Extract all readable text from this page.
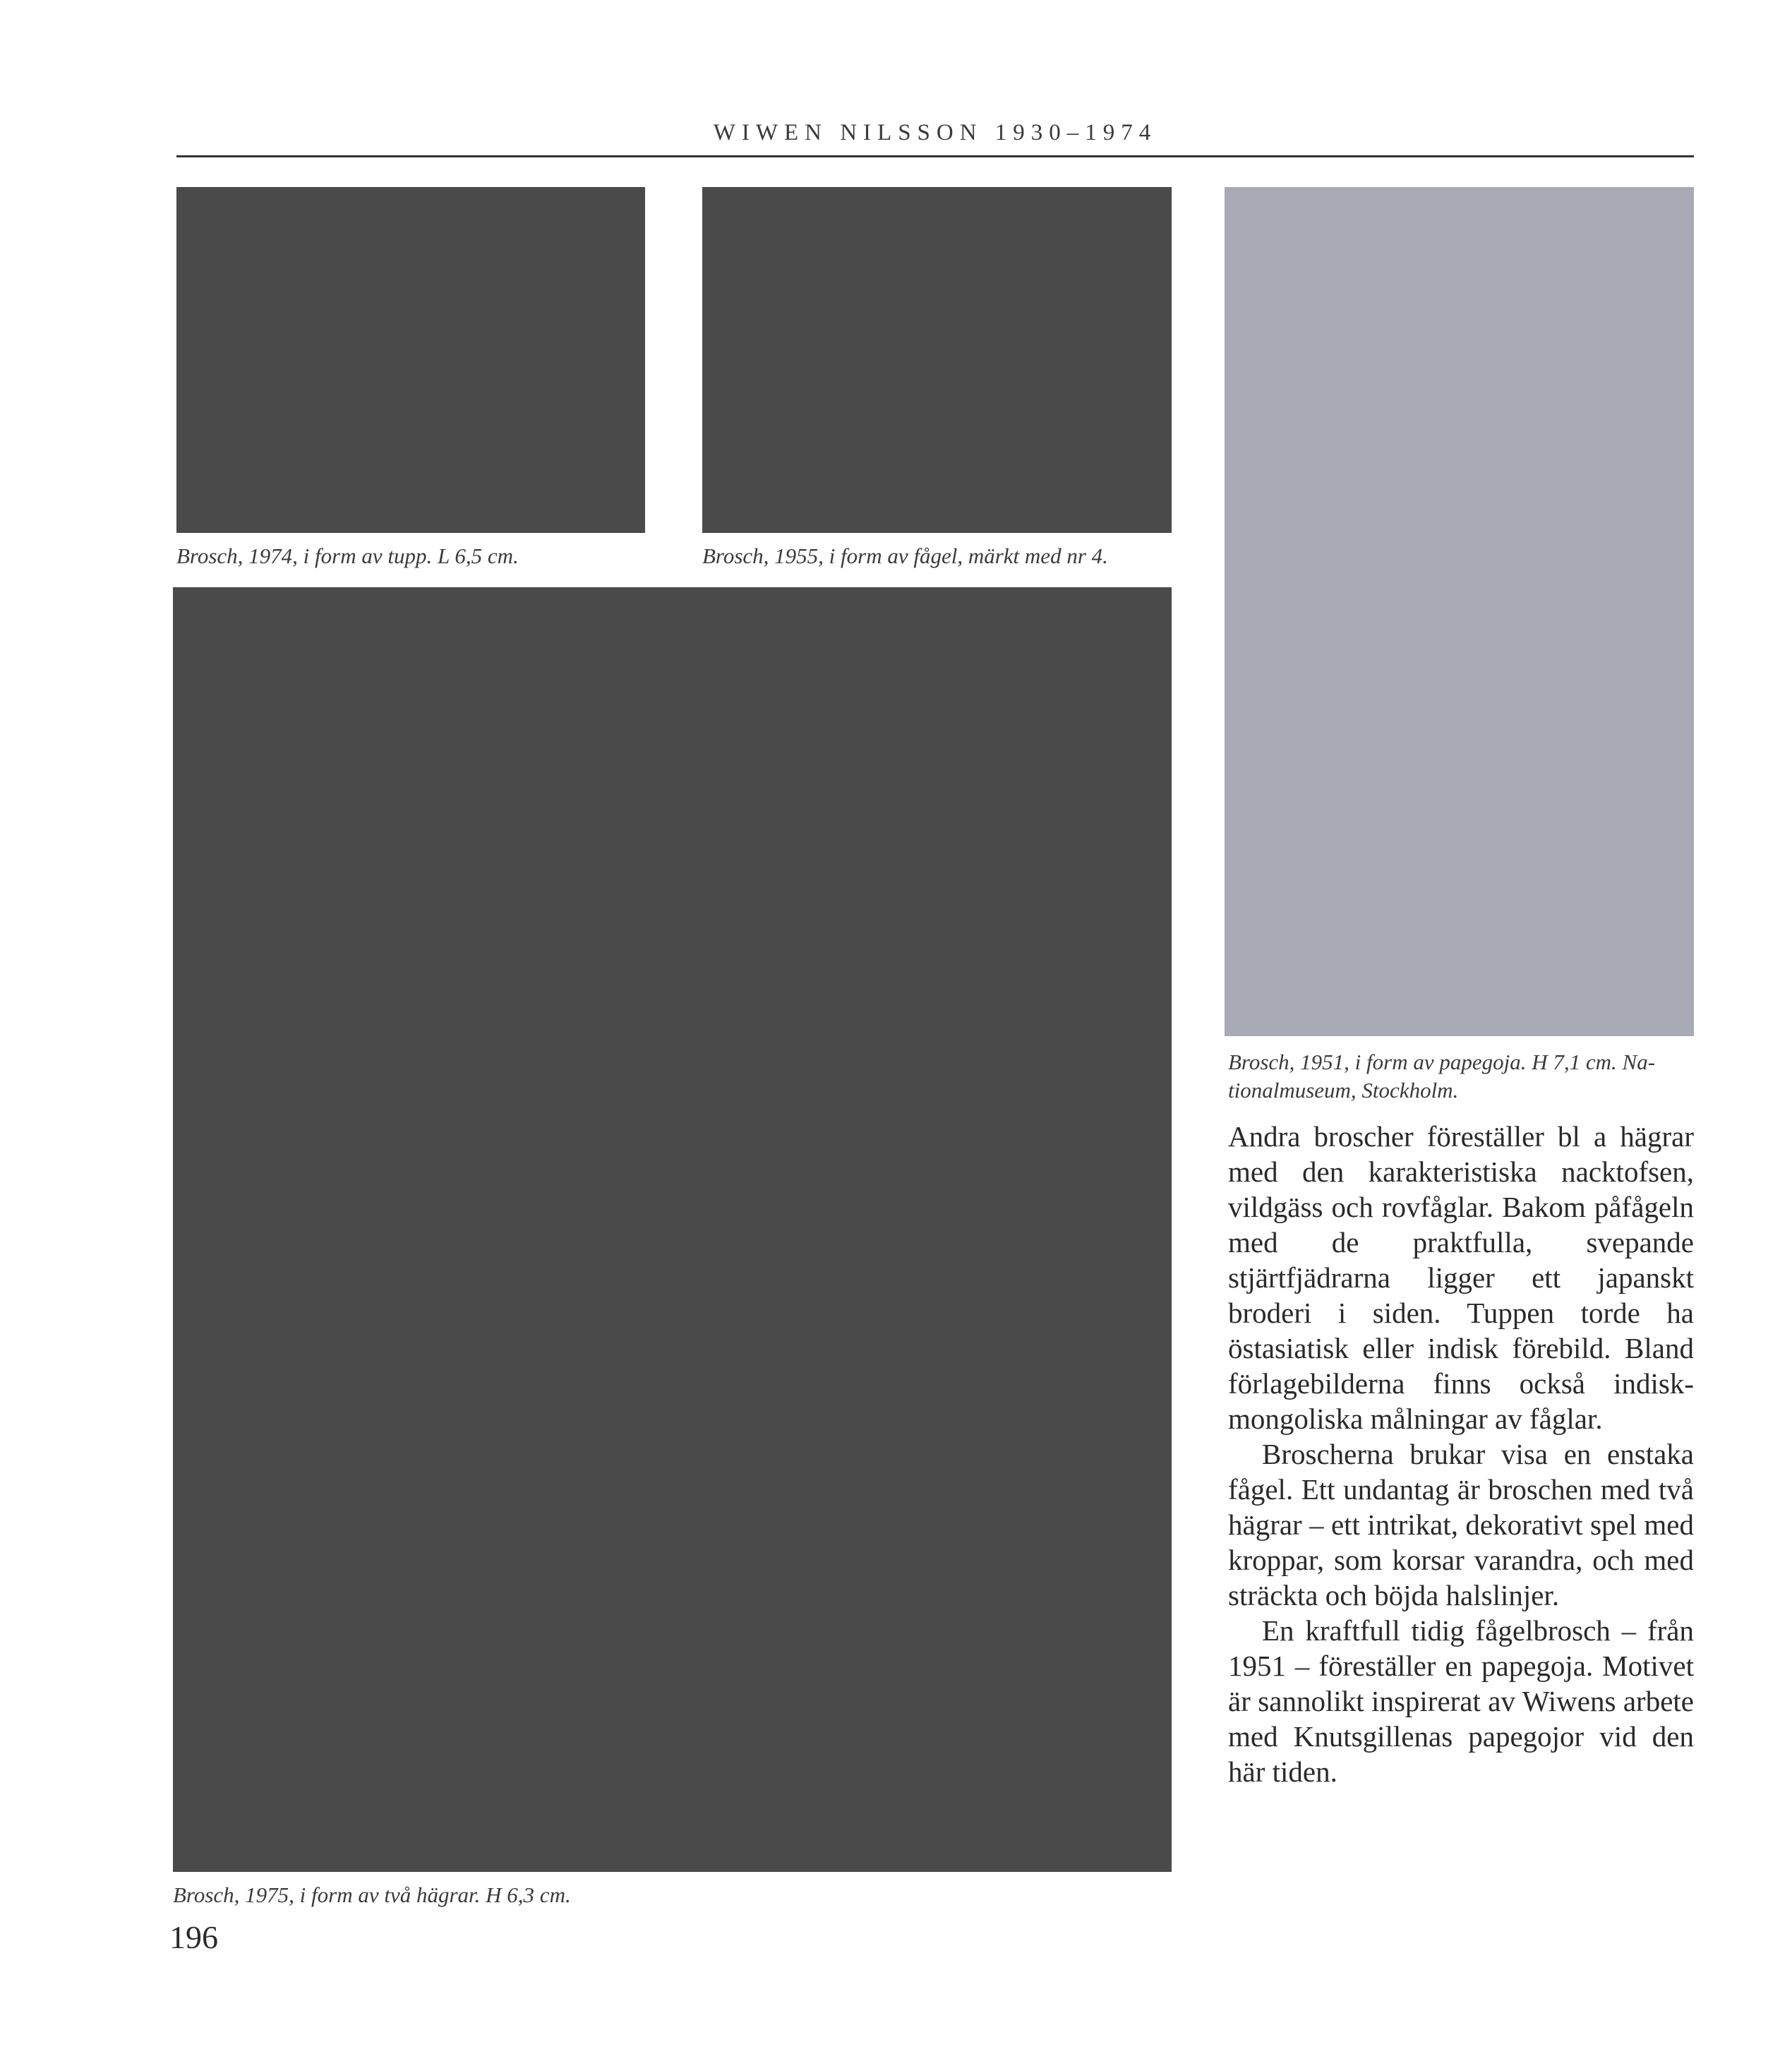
WIWEN NILSSON 1930–1974
Brosch, 1974, i form av tupp. L 6,5 cm.	Brosch, 1955, i form av fågel, märkt med nr 4.
Brosch, 1951, i form av papegoja. H 7,1 cm. Na-
tionalmuseum, Stockholm.
Brosch, 1975, i form av två hägrar. H 6,3 cm.

Andra broscher föreställer bl a hägrar med den karakteristiska nacktofsen, vildgäss och rovfåglar. Bakom påfågeln med de praktfulla, svepande stjärtfjädrarna ligger ett japanskt broderi i siden. Tuppen torde ha östasiatisk eller indisk förebild. Bland förlagebilderna finns också indisk-mongoliska målningar av fåglar.

Broscherna brukar visa en enstaka fågel. Ett undantag är broschen med två hägrar – ett intrikat, dekorativt spel med kroppar, som korsar varandra, och med sträckta och böjda halslinjer.

En kraftfull tidig fågelbrosch – från 1951 – föreställer en papegoja. Motivet är sannolikt inspirerat av Wiwens arbete med Knutsgillenas papegojor vid den här tiden.

196
